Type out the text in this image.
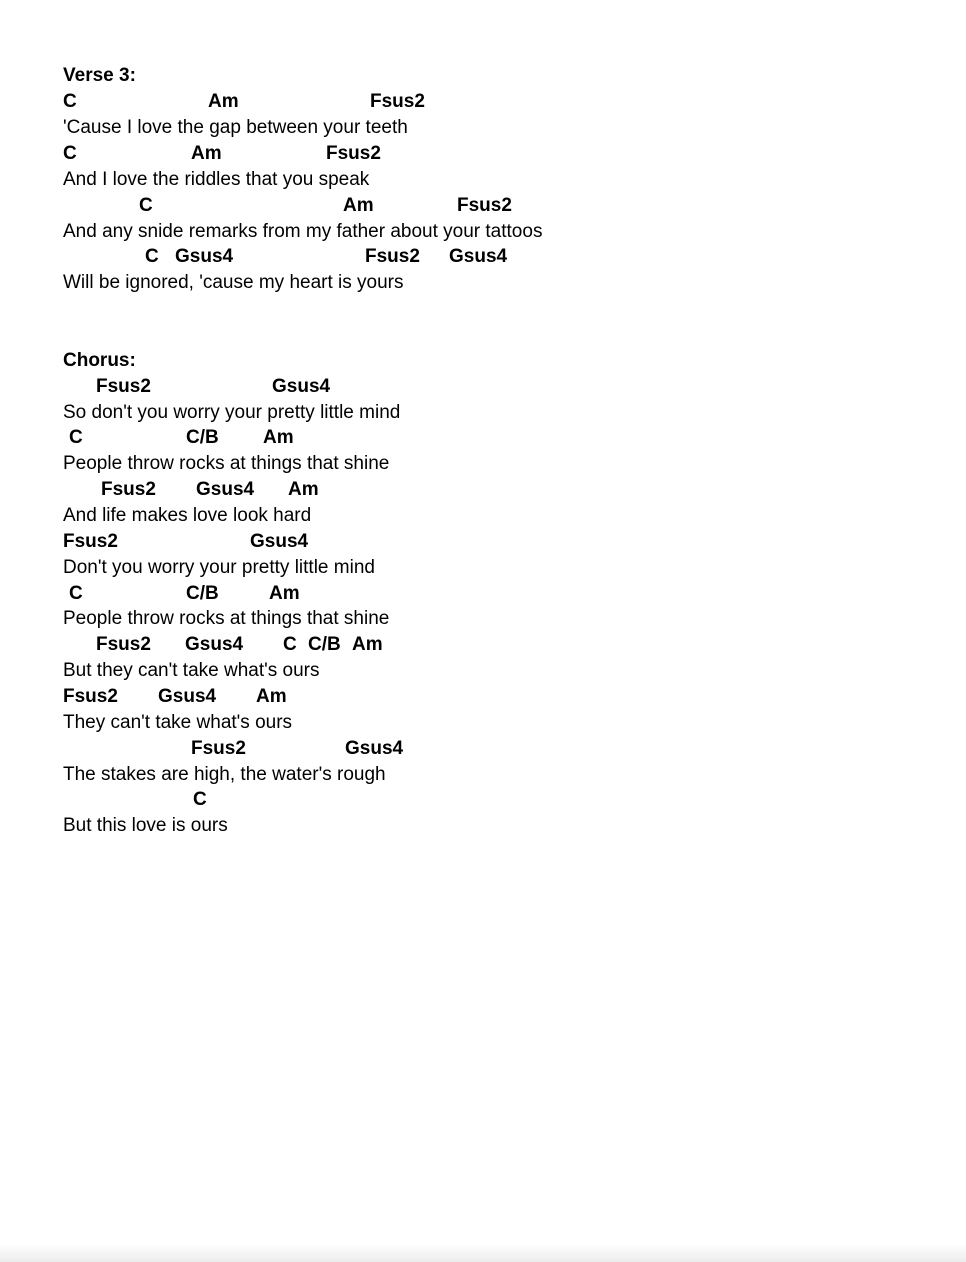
Verse 3:
C	Am	Fsus2
'Cause I love the gap between your teeth
C	Am	Fsus2
And I love the riddles that you speak
C	Am	Fsus2
And any snide remarks from my father about your tattoos
C Gsus4	Fsus2 Gsus4
Will be ignored, 'cause my heart is yours
Chorus:
Fsus2	Gsus4
So don't you worry your pretty little mind
C	C/B Am
People throw rocks at things that shine
Fsus2 Gsus4 Am
And life makes love look hard
Fsus2	Gsus4
Don't you worry your pretty little mind
C	C/B	Am
People throw rocks at things that shine
Fsus2 Gsus4 C C/B Am
But they can't take what's ours
Fsus2 Gsus4 Am
They can't take what's ours
Fsus2	Gsus4
The stakes are high, the water's rough
C
But this love is ours
